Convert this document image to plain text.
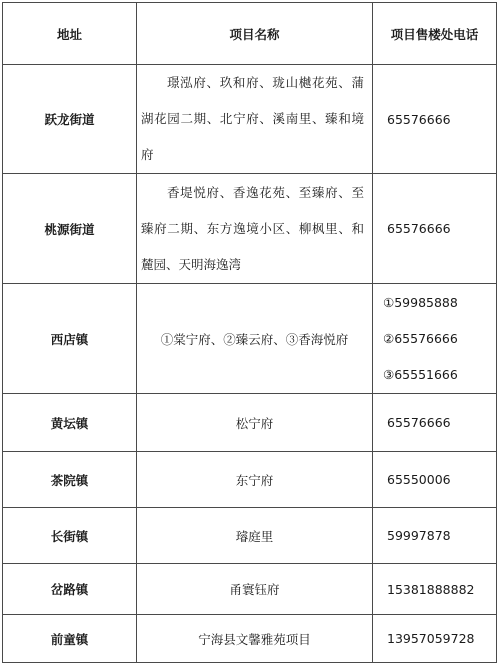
地址	项目名称	项目售楼处电话
跃龙街道	璟泓府、玖和府、珑山樾花苑、蒲湖花园二期、北宁府、溪南里、臻和境府	65576666
桃源街道	香堤悦府、香逸花苑、至臻府、至臻府二期、东方逸境小区、柳枫里、和麓园、天明海逸湾	65576666
西店镇	①棠宁府、②臻云府、③香海悦府	①59985888
②65576666
③65551666

黄坛镇	松宁府	65576666
茶院镇	东宁府	65550006
长街镇	璿庭里	59997878
岔路镇	甬寰钰府	15381888882
前童镇	宁海县文馨雅苑项目	13957059728
